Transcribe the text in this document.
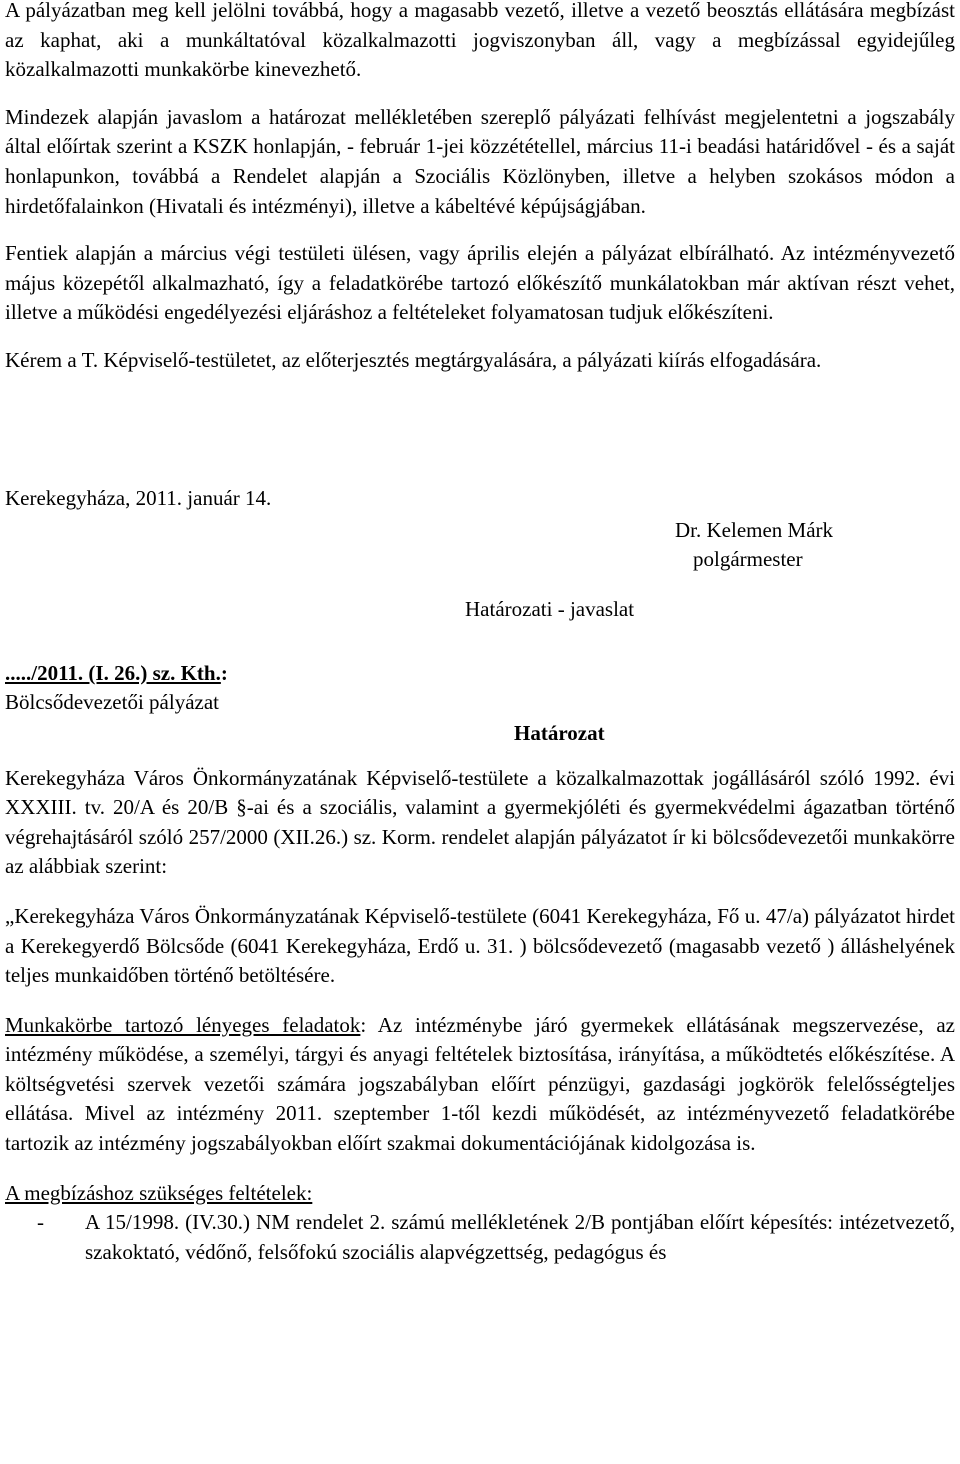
A pályázatban meg kell jelölni továbbá, hogy a magasabb vezető, illetve a vezető beosztás ellátására megbízást az kaphat, aki a munkáltatóval közalkalmazotti jogviszonyban áll, vagy a megbízással egyidejűleg közalkalmazotti munkakörbe kinevezhető.

Mindezek alapján javaslom a határozat mellékletében szereplő pályázati felhívást megjelentetni a jogszabály által előírtak szerint a KSZK honlapján, - február 1-jei közzététellel, március 11-i beadási határidővel - és a saját honlapunkon, továbbá a Rendelet alapján a Szociális Közlönyben, illetve a helyben szokásos módon a hirdetőfalainkon (Hivatali és intézményi), illetve a kábeltévé képújságjában.

Fentiek alapján a március végi testületi ülésen, vagy április elején a pályázat elbírálható. Az intézményvezető május közepétől alkalmazható, így a feladatkörébe tartozó előkészítő munkálatokban már aktívan részt vehet, illetve a működési engedélyezési eljáráshoz a feltételeket folyamatosan tudjuk előkészíteni.

Kérem a T. Képviselő-testületet, az előterjesztés megtárgyalására, a pályázati kiírás elfogadására.

Kerekegyháza, 2011. január 14.
Dr. Kelemen Márk
polgármester
Határozati - javaslat
...../2011. (I. 26.) sz. Kth.:
Bölcsődevezetői pályázat
Határozat

Kerekegyháza Város Önkormányzatának Képviselő-testülete a közalkalmazottak jogállásáról szóló 1992. évi XXXIII. tv. 20/A és 20/B §-ai és a szociális, valamint a gyermekjóléti és gyermekvédelmi ágazatban történő végrehajtásáról szóló 257/2000 (XII.26.) sz. Korm. rendelet alapján pályázatot ír ki bölcsődevezetői munkakörre az alábbiak szerint:

„Kerekegyháza Város Önkormányzatának Képviselő-testülete (6041 Kerekegyháza, Fő u. 47/a) pályázatot hirdet a Kerekegyerdő Bölcsőde (6041 Kerekegyháza, Erdő u. 31. ) bölcsődevezető (magasabb vezető ) álláshelyének teljes munkaidőben történő betöltésére.

Munkakörbe tartozó lényeges feladatok: Az intézménybe járó gyermekek ellátásának megszervezése, az intézmény működése, a személyi, tárgyi és anyagi feltételek biztosítása, irányítása, a működtetés előkészítése. A költségvetési szervek vezetői számára jogszabályban előírt pénzügyi, gazdasági jogkörök felelősségteljes ellátása. Mivel az intézmény 2011. szeptember 1-től kezdi működését, az intézményvezető feladatkörébe tartozik az intézmény jogszabályokban előírt szakmai dokumentációjának kidolgozása is.

A megbízáshoz szükséges feltételek:

- A 15/1998. (IV.30.) NM rendelet 2. számú mellékletének 2/B pontjában előírt képesítés: intézetvezető, szakoktató, védőnő, felsőfokú szociális alapvégzettség, pedagógus és
